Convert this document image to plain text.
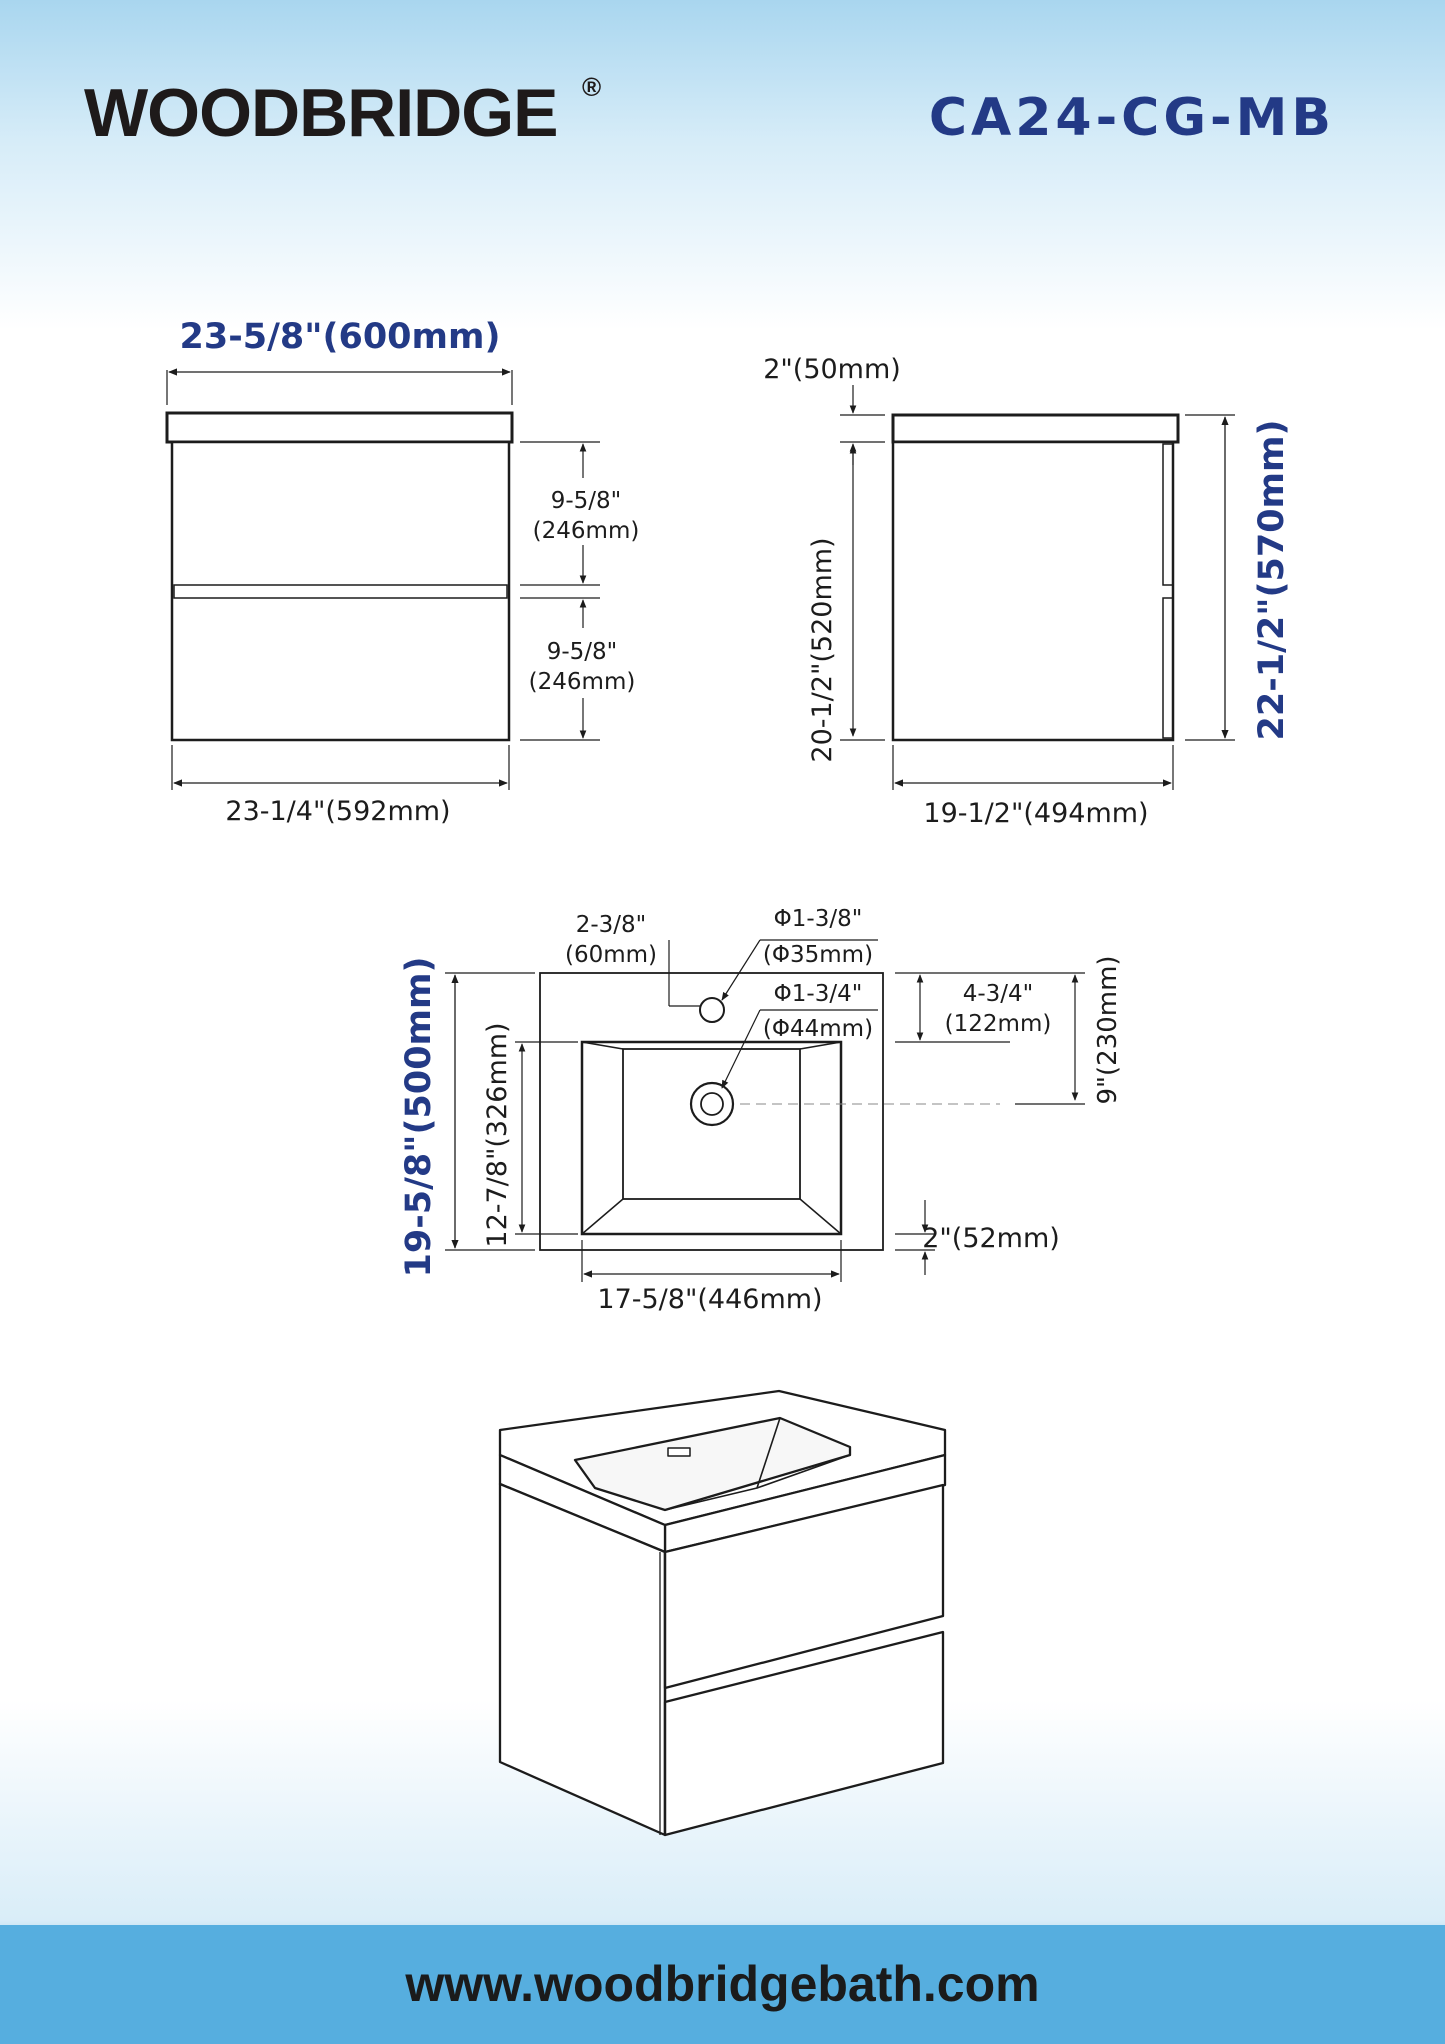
WOODBRIDGE ®
CA24-CG-MB
23-5/8"(600mm)
23-1/4"(592mm)
9-5/8"
(246mm)
9-5/8"
(246mm)
2"(50mm)
20-1/2"(520mm)	22-1/2"(570mm)
19-1/2"(494mm)
2-3/8"
(60mm)
Φ1-3/8"
(Φ35mm)
Φ1-3/4"
(Φ44mm)
4-3/4"
(122mm) 9"(230mm)
19-5/8"(500mm) 12-7/8"(326mm)	2"(52mm)
17-5/8"(446mm)
www.woodbridgebath.com
